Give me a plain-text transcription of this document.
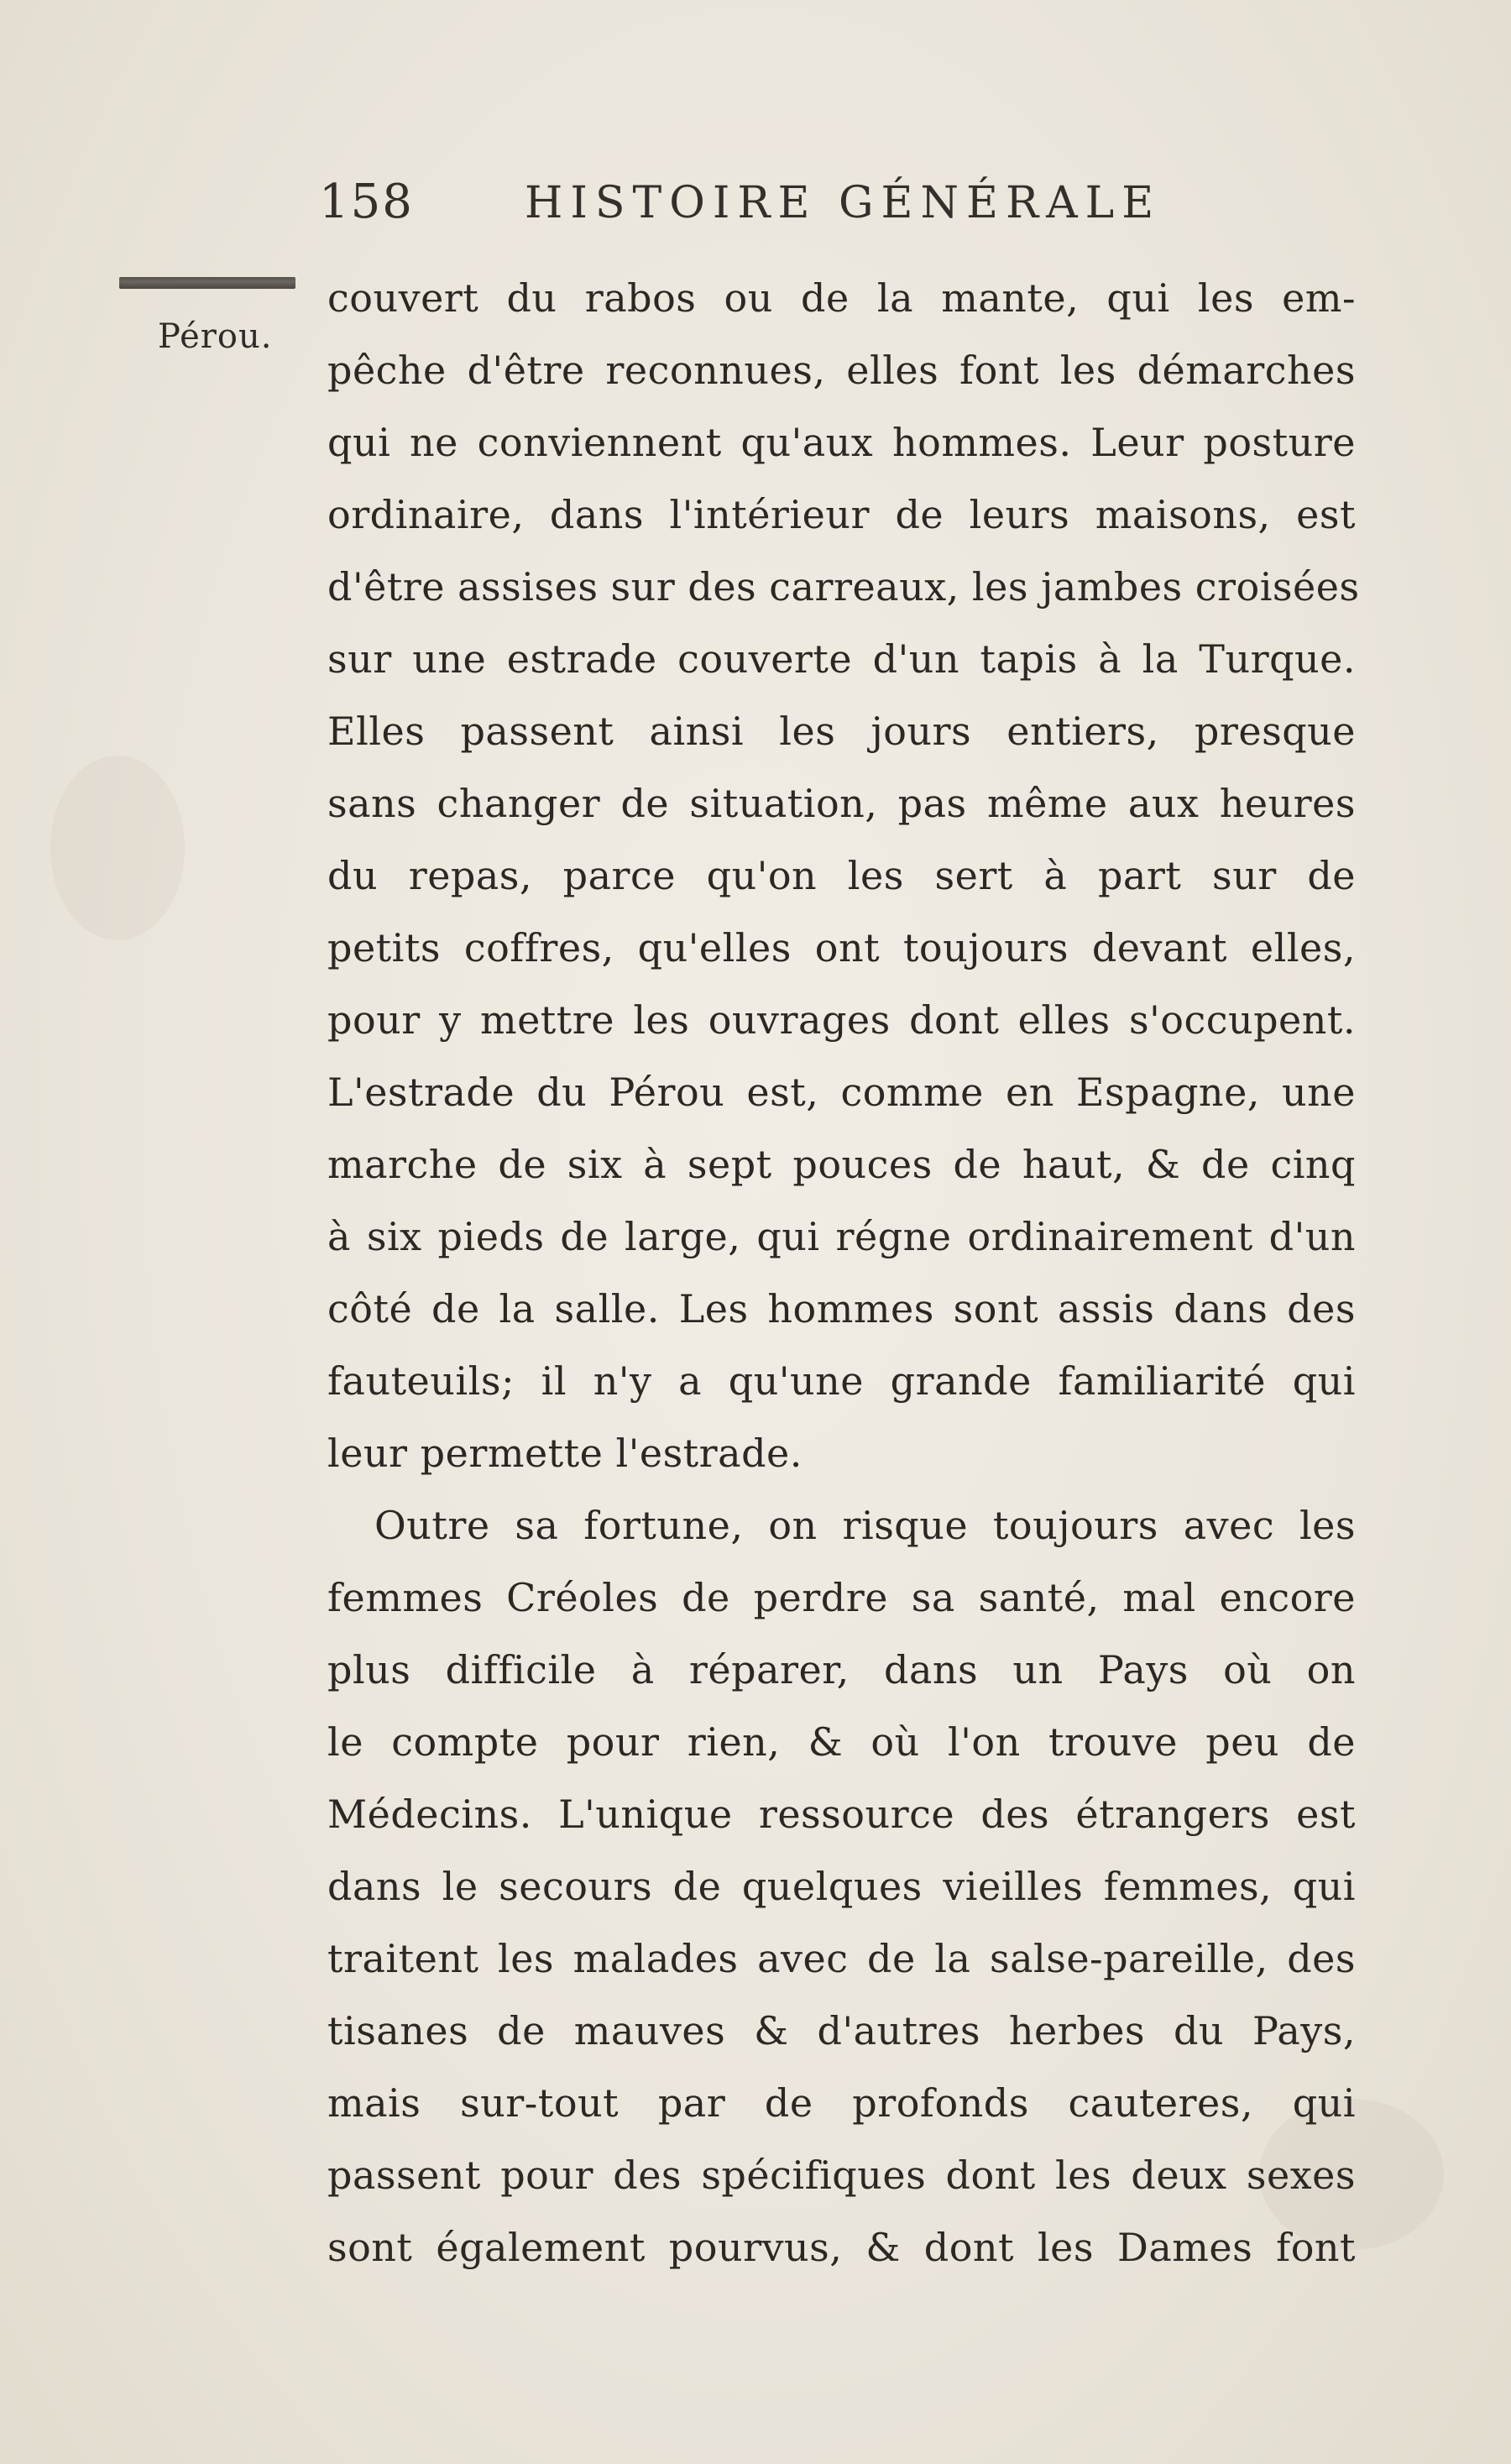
158	HISTOIRE GÉNÉRALE
Pérou.
couvert du rabos ou de la mante, qui les em-
pêche d'être reconnues, elles font les démarches
qui ne conviennent qu'aux hommes. Leur posture
ordinaire, dans l'intérieur de leurs maisons, est
d'être assises sur des carreaux, les jambes croisées
sur une estrade couverte d'un tapis à la Turque.
Elles passent ainsi les jours entiers, presque
sans changer de situation, pas même aux heures
du repas, parce qu'on les sert à part sur de
petits coffres, qu'elles ont toujours devant elles,
pour y mettre les ouvrages dont elles s'occupent.
L'estrade du Pérou est, comme en Espagne, une
marche de six à sept pouces de haut, & de cinq
à six pieds de large, qui régne ordinairement d'un
côté de la salle. Les hommes sont assis dans des
fauteuils; il n'y a qu'une grande familiarité qui
leur permette l'estrade.
Outre sa fortune, on risque toujours avec les
femmes Créoles de perdre sa santé, mal encore
plus difficile à réparer, dans un Pays où on
le compte pour rien, & où l'on trouve peu de
Médecins. L'unique ressource des étrangers est
dans le secours de quelques vieilles femmes, qui
traitent les malades avec de la salse-pareille, des
tisanes de mauves & d'autres herbes du Pays,
mais sur-tout par de profonds cauteres, qui
passent pour des spécifiques dont les deux sexes
sont également pourvus, & dont les Dames font
